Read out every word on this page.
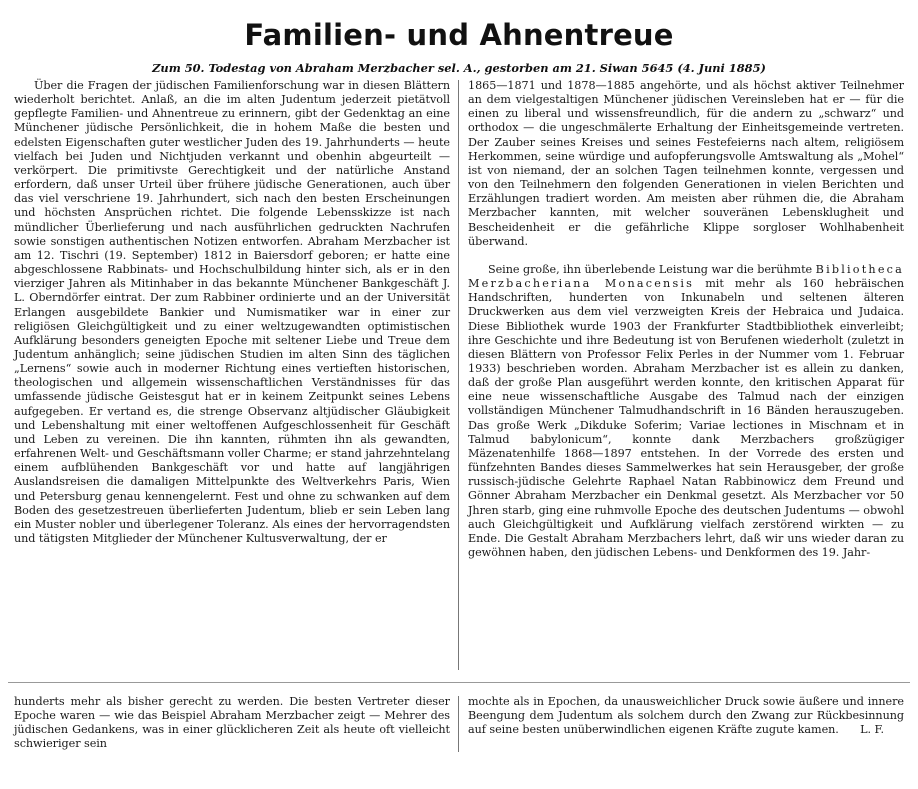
Familien- und Ahnentreue
Zum 50. Todestag von Abraham Merzbacher sel. A., gestorben am 21. Siwan 5645 (4. Juni 1885)

Über die Fragen der jüdischen Familienforschung war in diesen Blättern wiederholt berichtet. Anlaß, an die im alten Judentum jederzeit pietätvoll gepflegte Familien- und Ahnentreue zu erinnern, gibt der Gedenktag an eine Münchener jüdische Persönlichkeit, die in hohem Maße die besten und edelsten Eigenschaften guter westlicher Juden des 19. Jahrhunderts — heute vielfach bei Juden und Nichtjuden verkannt und obenhin abgeurteilt — verkörpert. Die primitivste Gerechtigkeit und der natürliche Anstand erfordern, daß unser Urteil über frühere jüdische Generationen, auch über das viel verschriene 19. Jahrhundert, sich nach den besten Erscheinungen und höchsten Ansprüchen richtet. Die folgende Lebensskizze ist nach mündlicher Überlieferung und nach ausführlichen gedruckten Nachrufen sowie sonstigen authentischen Notizen entworfen. Abraham Merzbacher ist am 12. Tischri (19. September) 1812 in Baiersdorf geboren; er hatte eine abgeschlossene Rabbinats- und Hochschulbildung hinter sich, als er in den vierziger Jahren als Mitinhaber in das bekannte Münchener Bankgeschäft J. L. Oberndörfer eintrat. Der zum Rabbiner ordinierte und an der Universität Erlangen ausgebildete Bankier und Numismatiker war in einer zur religiösen Gleichgültigkeit und zu einer weltzugewandten optimistischen Aufklärung besonders geneigten Epoche mit seltener Liebe und Treue dem Judentum anhänglich; seine jüdischen Studien im alten Sinn des täglichen „Lernens“ sowie auch in moderner Richtung eines vertieften historischen, theologischen und allgemein wissenschaftlichen Verständnisses für das umfassende jüdische Geistesgut hat er in keinem Zeitpunkt seines Lebens aufgegeben. Er vertand es, die strenge Observanz altjüdischer Gläubigkeit und Lebenshaltung mit einer weltoffenen Aufgeschlossenheit für Geschäft und Leben zu vereinen. Die ihn kannten, rühmten ihn als gewandten, erfahrenen Welt- und Geschäftsmann voller Charme; er stand jahrzehntelang einem aufblühenden Bankgeschäft vor und hatte auf langjährigen Auslandsreisen die damaligen Mittelpunkte des Weltverkehrs Paris, Wien und Petersburg genau kennengelernt. Fest und ohne zu schwanken auf dem Boden des gesetzestreuen überlieferten Judentum, blieb er sein Leben lang ein Muster nobler und überlegener Toleranz. Als eines der hervorragendsten und tätigsten Mitglieder der Münchener Kultusverwaltung, der er

1865—1871 und 1878—1885 angehörte, und als höchst aktiver Teilnehmer an dem vielgestaltigen Münchener jüdischen Vereinsleben hat er — für die einen zu liberal und wissensfreundlich, für die andern zu „schwarz“ und orthodox — die ungeschmälerte Erhaltung der Einheitsgemeinde vertreten. Der Zauber seines Kreises und seines Festefeierns nach altem, religiösem Herkommen, seine würdige und aufopferungsvolle Amtswaltung als „Mohel“ ist von niemand, der an solchen Tagen teilnehmen konnte, vergessen und von den Teilnehmern den folgenden Generationen in vielen Berichten und Erzählungen tradiert worden. Am meisten aber rühmen die, die Abraham Merzbacher kannten, mit welcher souveränen Lebensklugheit und Bescheidenheit er die gefährliche Klippe sorgloser Wohlhabenheit überwand.

Seine große, ihn überlebende Leistung war die berühmte Bibliotheca Merzbacheriana Monacensis mit mehr als 160 hebräischen Handschriften, hunderten von Inkunabeln und seltenen älteren Druckwerken aus dem viel verzweigten Kreis der Hebraica und Judaica. Diese Bibliothek wurde 1903 der Frankfurter Stadtbibliothek einverleibt; ihre Geschichte und ihre Bedeutung ist von Berufenen wiederholt (zuletzt in diesen Blättern von Professor Felix Perles in der Nummer vom 1. Februar 1933) beschrieben worden. Abraham Merzbacher ist es allein zu danken, daß der große Plan ausgeführt werden konnte, den kritischen Apparat für eine neue wissenschaftliche Ausgabe des Talmud nach der einzigen vollständigen Münchener Talmudhandschrift in 16 Bänden herauszugeben. Das große Werk „Dikduke Soferim; Variae lectiones in Mischnam et in Talmud babylonicum“, konnte dank Merzbachers großzügiger Mäzenatenhilfe 1868—1897 entstehen. In der Vorrede des ersten und fünfzehnten Bandes dieses Sammelwerkes hat sein Herausgeber, der große russisch-jüdische Gelehrte Raphael Natan Rabbinowicz dem Freund und Gönner Abraham Merzbacher ein Denkmal gesetzt. Als Merzbacher vor 50 Jhren starb, ging eine ruhmvolle Epoche des deutschen Judentums — obwohl auch Gleichgültigkeit und Aufklärung vielfach zerstörend wirkten — zu Ende. Die Gestalt Abraham Merzbachers lehrt, daß wir uns wieder daran zu gewöhnen haben, den jüdischen Lebens- und Denkformen des 19. Jahr-

hunderts mehr als bisher gerecht zu werden. Die besten Vertreter dieser Epoche waren — wie das Beispiel Abraham Merzbacher zeigt — Mehrer des jüdischen Gedankens, was in einer glücklicheren Zeit als heute oft vielleicht schwieriger sein

mochte als in Epochen, da unausweichlicher Druck sowie äußere und innere Beengung dem Judentum als solchem durch den Zwang zur Rückbesinnung auf seine besten unüberwindlichen eigenen Kräfte zugute kamen.	L. F.
